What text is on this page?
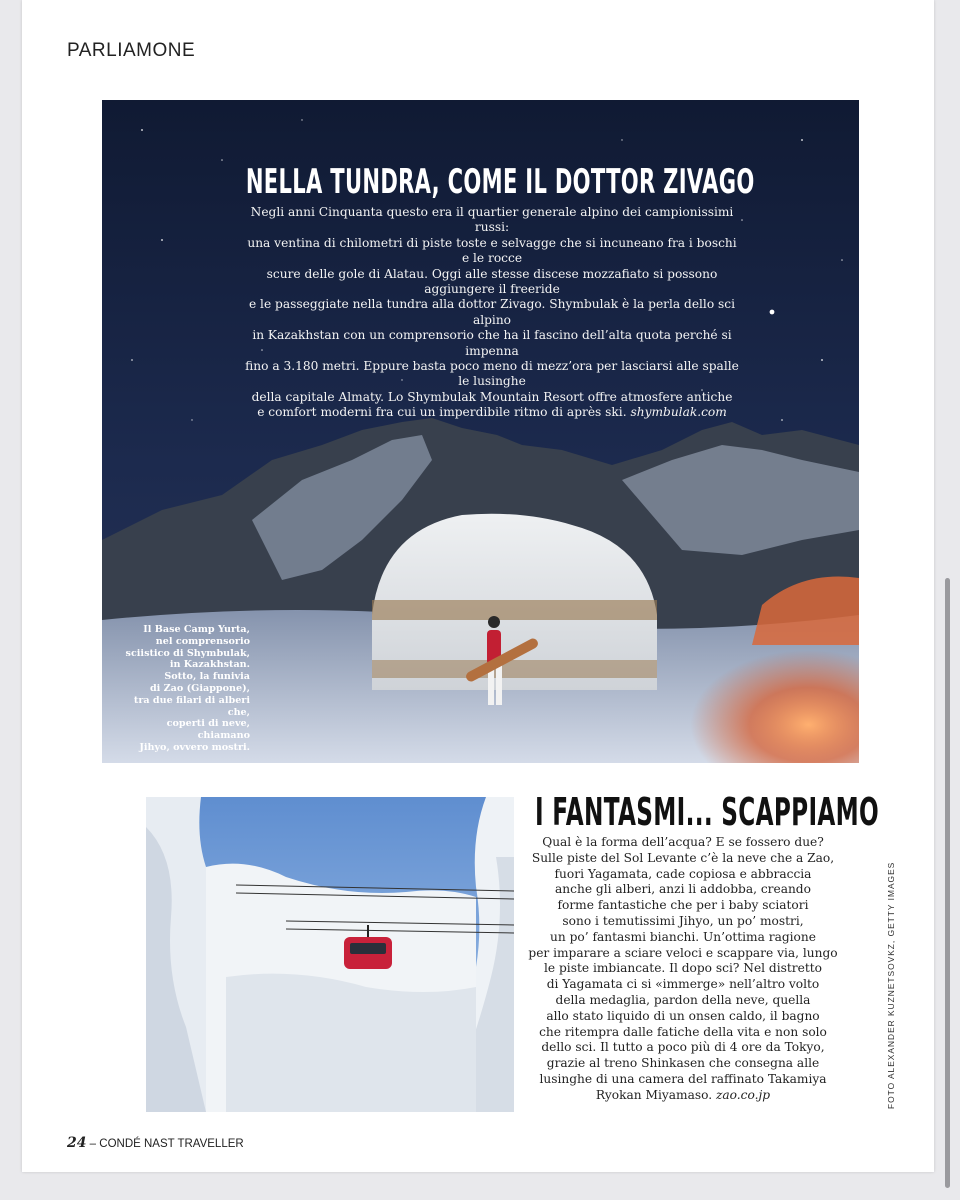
PARLIAMONE
NELLA TUNDRA, COME IL DOTTOR ZIVAGO
Negli anni Cinquanta questo era il quartier generale alpino dei campionissimi russi:
una ventina di chilometri di piste toste e selvagge che si incuneano fra i boschi e le rocce
scure delle gole di Alatau. Oggi alle stesse discese mozzafiato si possono aggiungere il freeride
e le passeggiate nella tundra alla dottor Zivago. Shymbulak è la perla dello sci alpino
in Kazakhstan con un comprensorio che ha il fascino dell’alta quota perché si impenna
fino a 3.180 metri. Eppure basta poco meno di mezz’ora per lasciarsi alle spalle le lusinghe
della capitale Almaty. Lo Shymbulak Mountain Resort offre atmosfere antiche
e comfort moderni fra cui un imperdibile ritmo di après ski. shymbulak.com
Il Base Camp Yurta,
nel comprensorio
sciistico di Shymbulak,
in Kazakhstan.
Sotto, la funivia
di Zao (Giappone),
tra due filari di alberi che,
coperti di neve, chiamano
Jihyo, ovvero mostri.
I FANTASMI... SCAPPIAMO
Qual è la forma dell’acqua? E se fossero due?
Sulle piste del Sol Levante c’è la neve che a Zao,
fuori Yagamata, cade copiosa e abbraccia
anche gli alberi, anzi li addobba, creando
forme fantastiche che per i baby sciatori
sono i temutissimi Jihyo, un po’ mostri,
un po’ fantasmi bianchi. Un’ottima ragione
per imparare a sciare veloci e scappare via, lungo
le piste imbiancate. Il dopo sci? Nel distretto
di Yagamata ci si «immerge» nell’altro volto
della medaglia, pardon della neve, quella
allo stato liquido di un onsen caldo, il bagno
che ritempra dalle fatiche della vita e non solo
dello sci. Il tutto a poco più di 4 ore da Tokyo,
grazie al treno Shinkasen che consegna alle
lusinghe di una camera del raffinato Takamiya
Ryokan Miyamaso. zao.co.jp	FOTO ALEXANDER KUZNETSOVKZ, GETTY IMAGES
24 – CONDÉ NAST TRAVELLER
